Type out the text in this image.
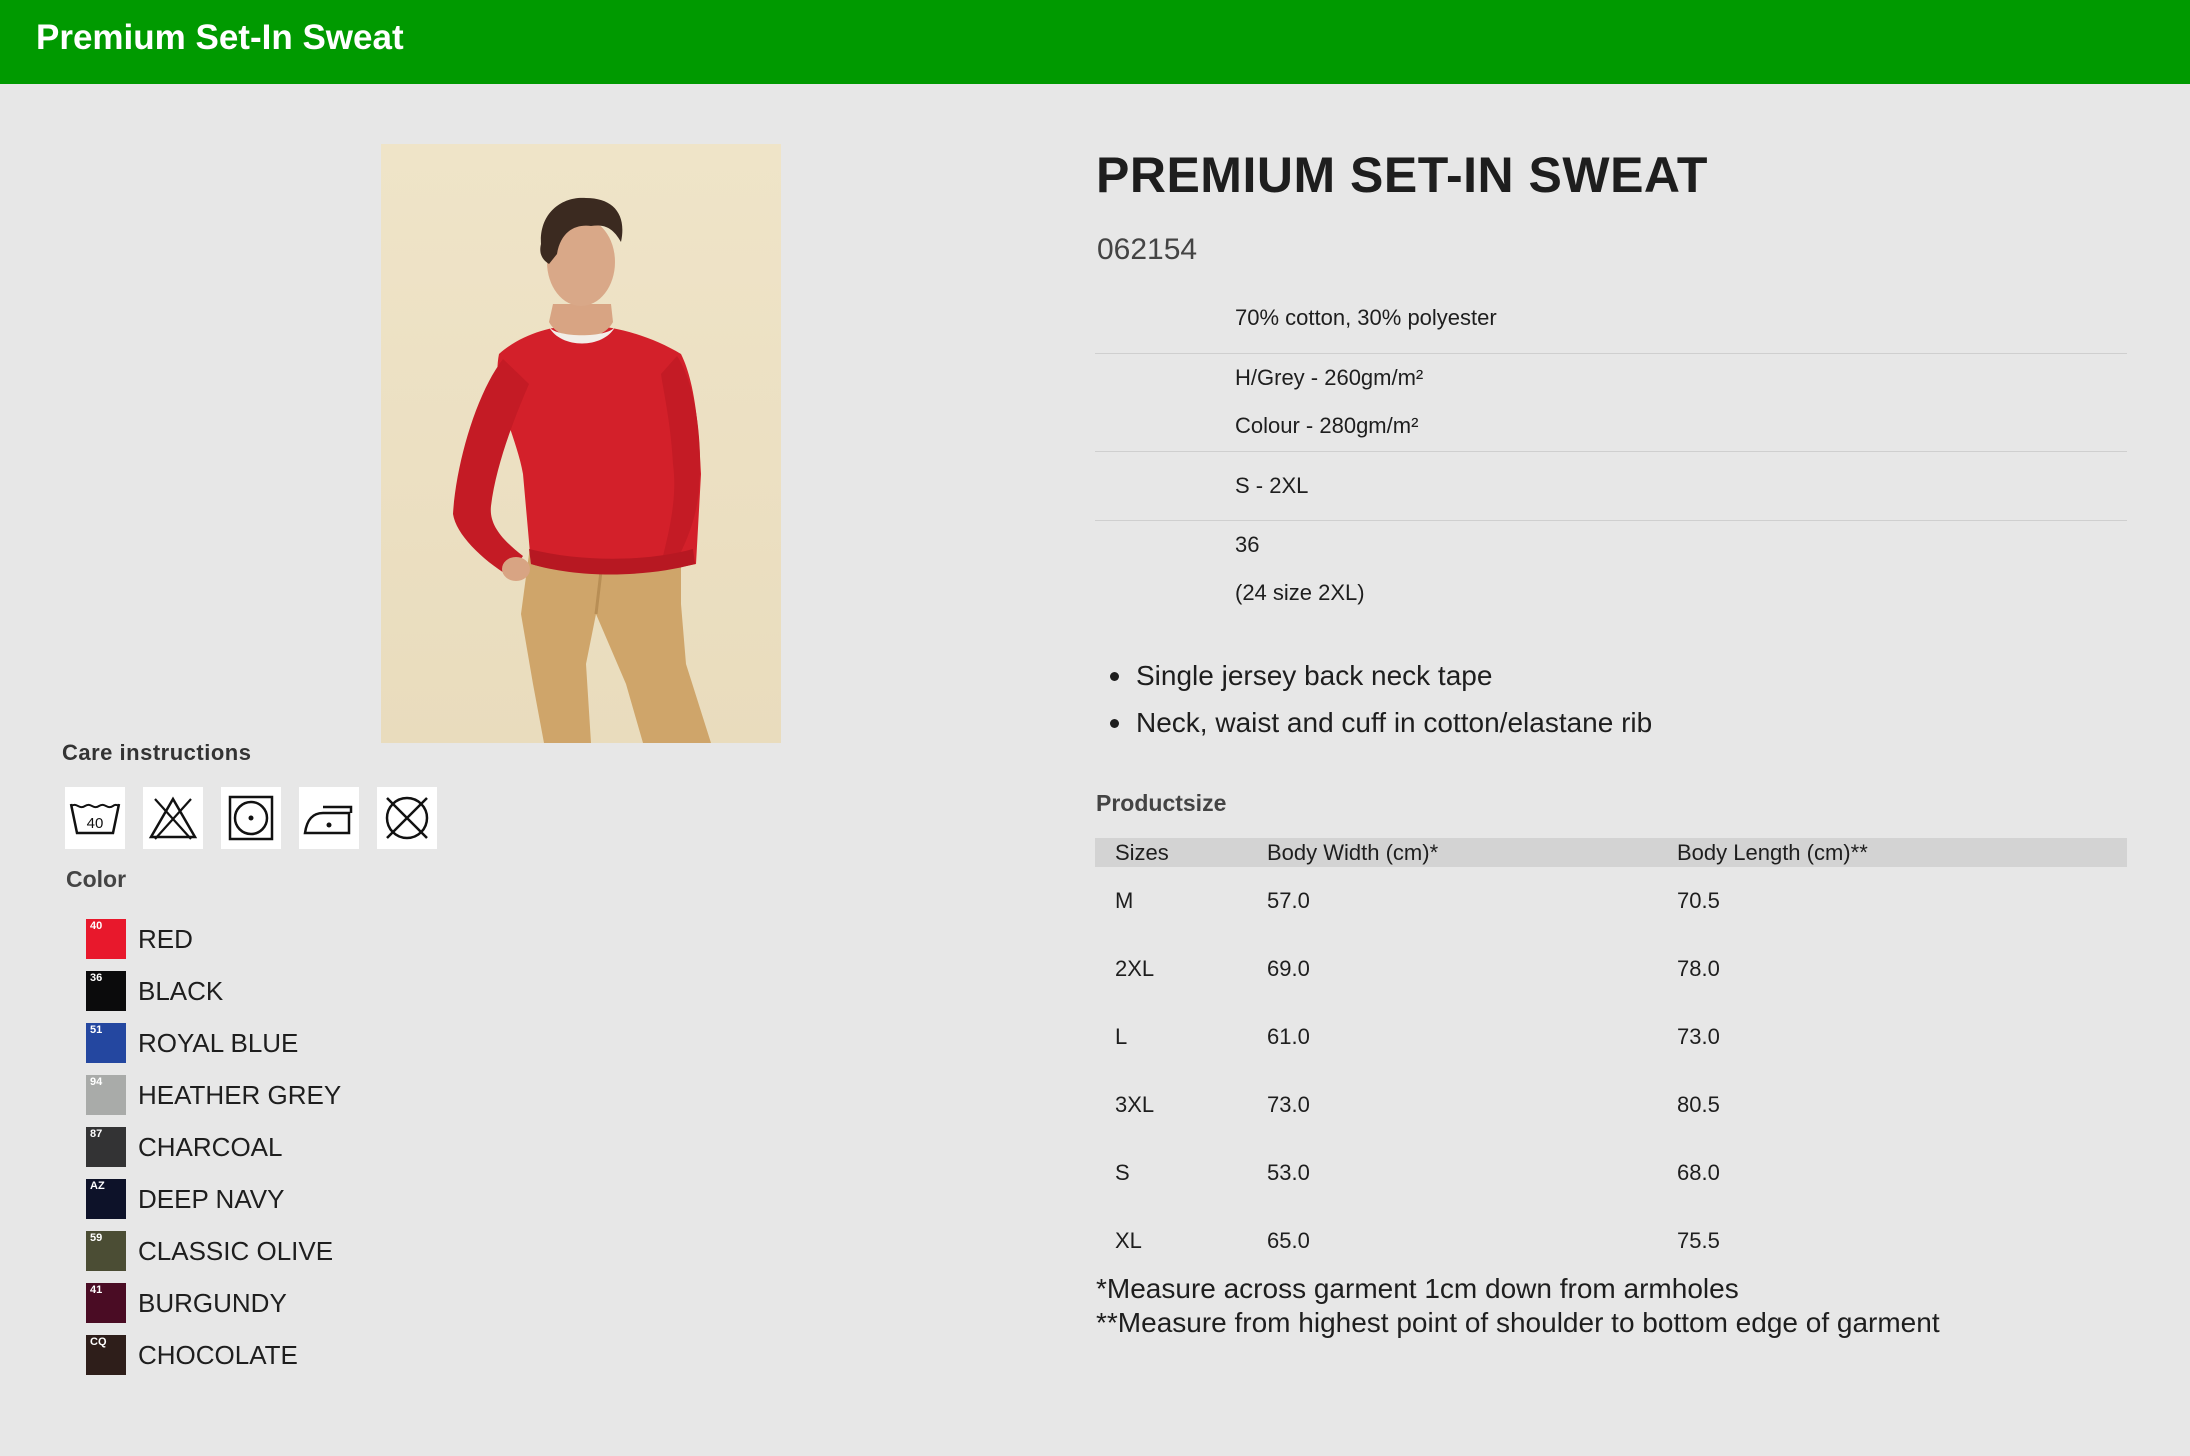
Premium Set-In Sweat
Care instructions
40
Color
40 RED
36 BLACK
51 ROYAL BLUE
94 HEATHER GREY
87 CHARCOAL
AZ DEEP NAVY
59 CLASSIC OLIVE
41 BURGUNDY
CQ CHOCOLATE
PREMIUM SET-IN SWEAT
062154
70% cotton, 30% polyester
H/Grey - 260gm/m²
Colour - 280gm/m²
S - 2XL
36
(24 size 2XL)
Single jersey back neck tape
Neck, waist and cuff in cotton/elastane rib
Productsize
Sizes	Body Width (cm)*	Body Length (cm)**
M	57.0	70.5
2XL	69.0	78.0
L	61.0	73.0
3XL	73.0	80.5
S	53.0	68.0
XL	65.0	75.5
*Measure across garment 1cm down from armholes
**Measure from highest point of shoulder to bottom edge of garment
